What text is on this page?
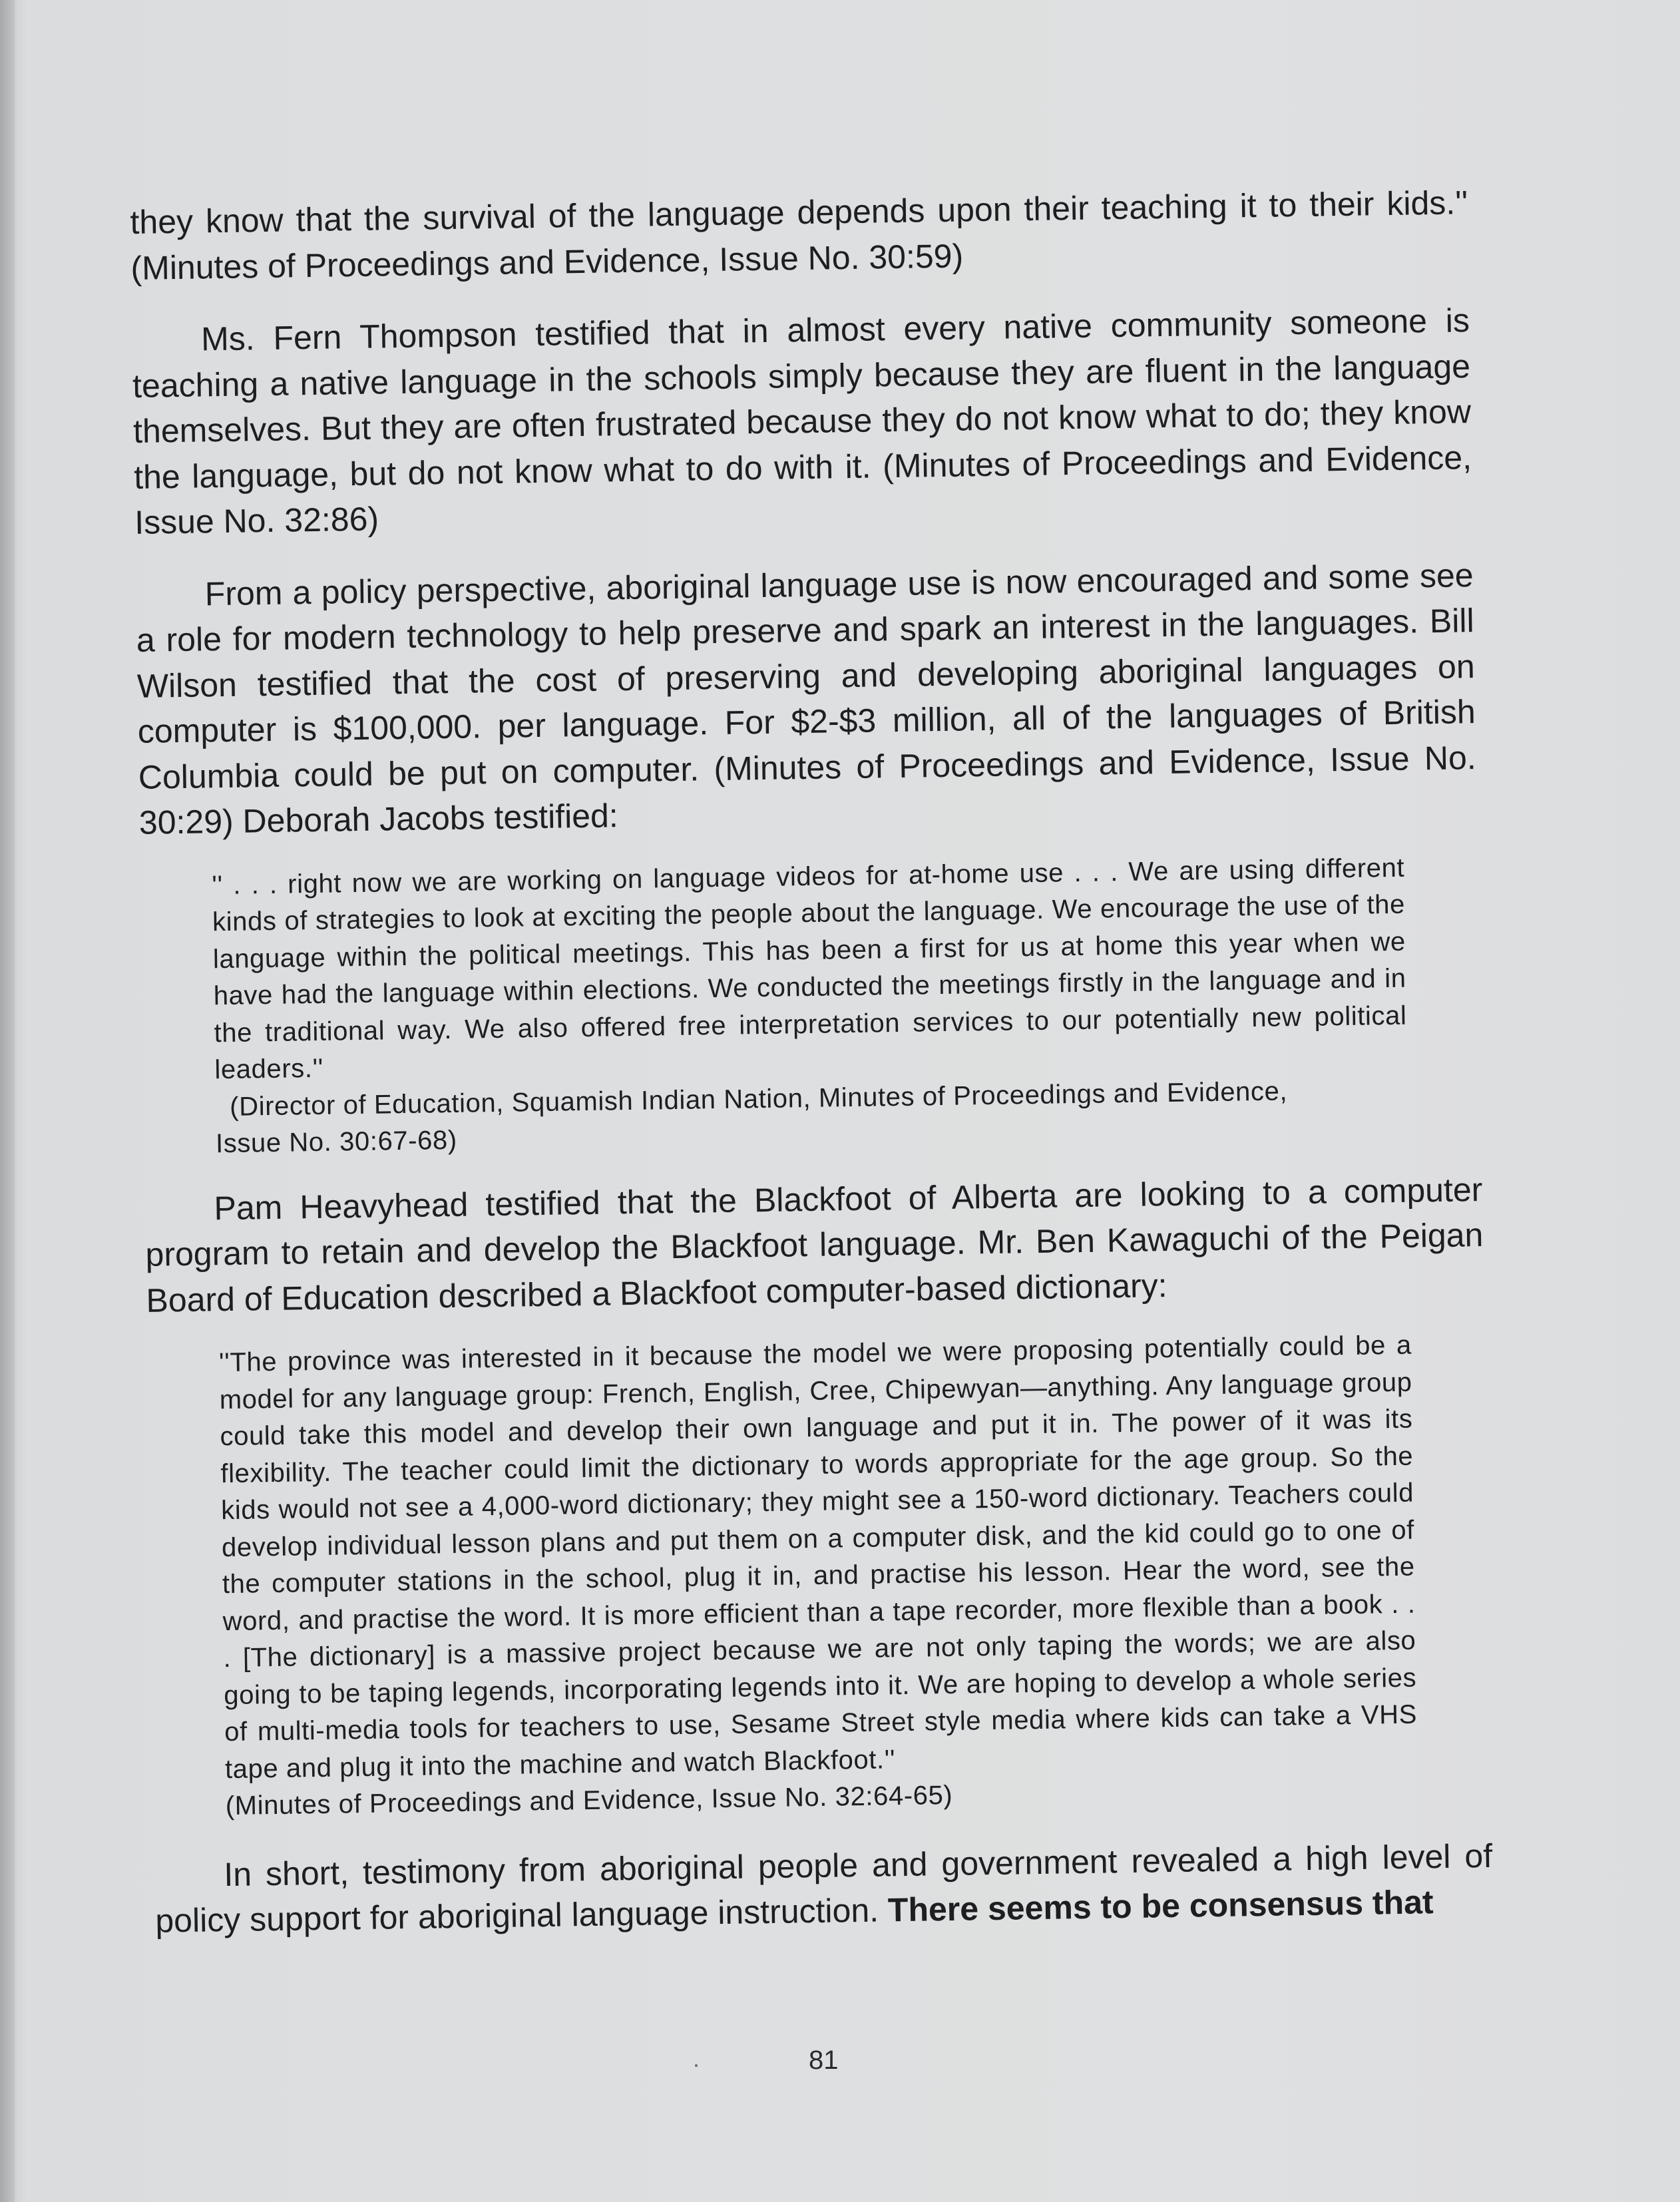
they know that the survival of the language depends upon their teaching it to their kids.'' (Minutes of Proceedings and Evidence, Issue No. 30:59)

Ms. Fern Thompson testified that in almost every native community someone is teaching a native language in the schools simply because they are fluent in the language themselves. But they are often frustrated because they do not know what to do; they know the language, but do not know what to do with it. (Minutes of Proceedings and Evidence, Issue No. 32:86)

From a policy perspective, aboriginal language use is now encouraged and some see a role for modern technology to help preserve and spark an interest in the languages. Bill Wilson testified that the cost of preserving and developing aboriginal languages on computer is $100,000. per language. For $2-$3 million, all of the languages of British Columbia could be put on computer. (Minutes of Proceedings and Evidence, Issue No. 30:29) Deborah Jacobs testified:

'' . . . right now we are working on language videos for at-home use . . . We are using different kinds of strategies to look at exciting the people about the language. We encourage the use of the language within the political meetings. This has been a first for us at home this year when we have had the language within elections. We conducted the meetings firstly in the language and in the traditional way. We also offered free interpretation services to our potentially new political leaders.''

(Director of Education, Squamish Indian Nation, Minutes of Proceedings and Evidence,
Issue No. 30:67-68)

Pam Heavyhead testified that the Blackfoot of Alberta are looking to a computer program to retain and develop the Blackfoot language. Mr. Ben Kawaguchi of the Peigan Board of Education described a Blackfoot computer-based dictionary:

''The province was interested in it because the model we were proposing potentially could be a model for any language group: French, English, Cree, Chipewyan—anything. Any language group could take this model and develop their own language and put it in. The power of it was its flexibility. The teacher could limit the dictionary to words appropriate for the age group. So the kids would not see a 4,000-word dictionary; they might see a 150-word dictionary. Teachers could develop individual lesson plans and put them on a computer disk, and the kid could go to one of the computer stations in the school, plug it in, and practise his lesson. Hear the word, see the word, and practise the word. It is more efficient than a tape recorder, more flexible than a book . . . [The dictionary] is a massive project because we are not only taping the words; we are also going to be taping legends, incorporating legends into it. We are hoping to develop a whole series of multi-media tools for teachers to use, Sesame Street style media where kids can take a VHS tape and plug it into the machine and watch Blackfoot.''

(Minutes of Proceedings and Evidence, Issue No. 32:64-65)

In short, testimony from aboriginal people and government revealed a high level of policy support for aboriginal language instruction. There seems to be consensus that

81
